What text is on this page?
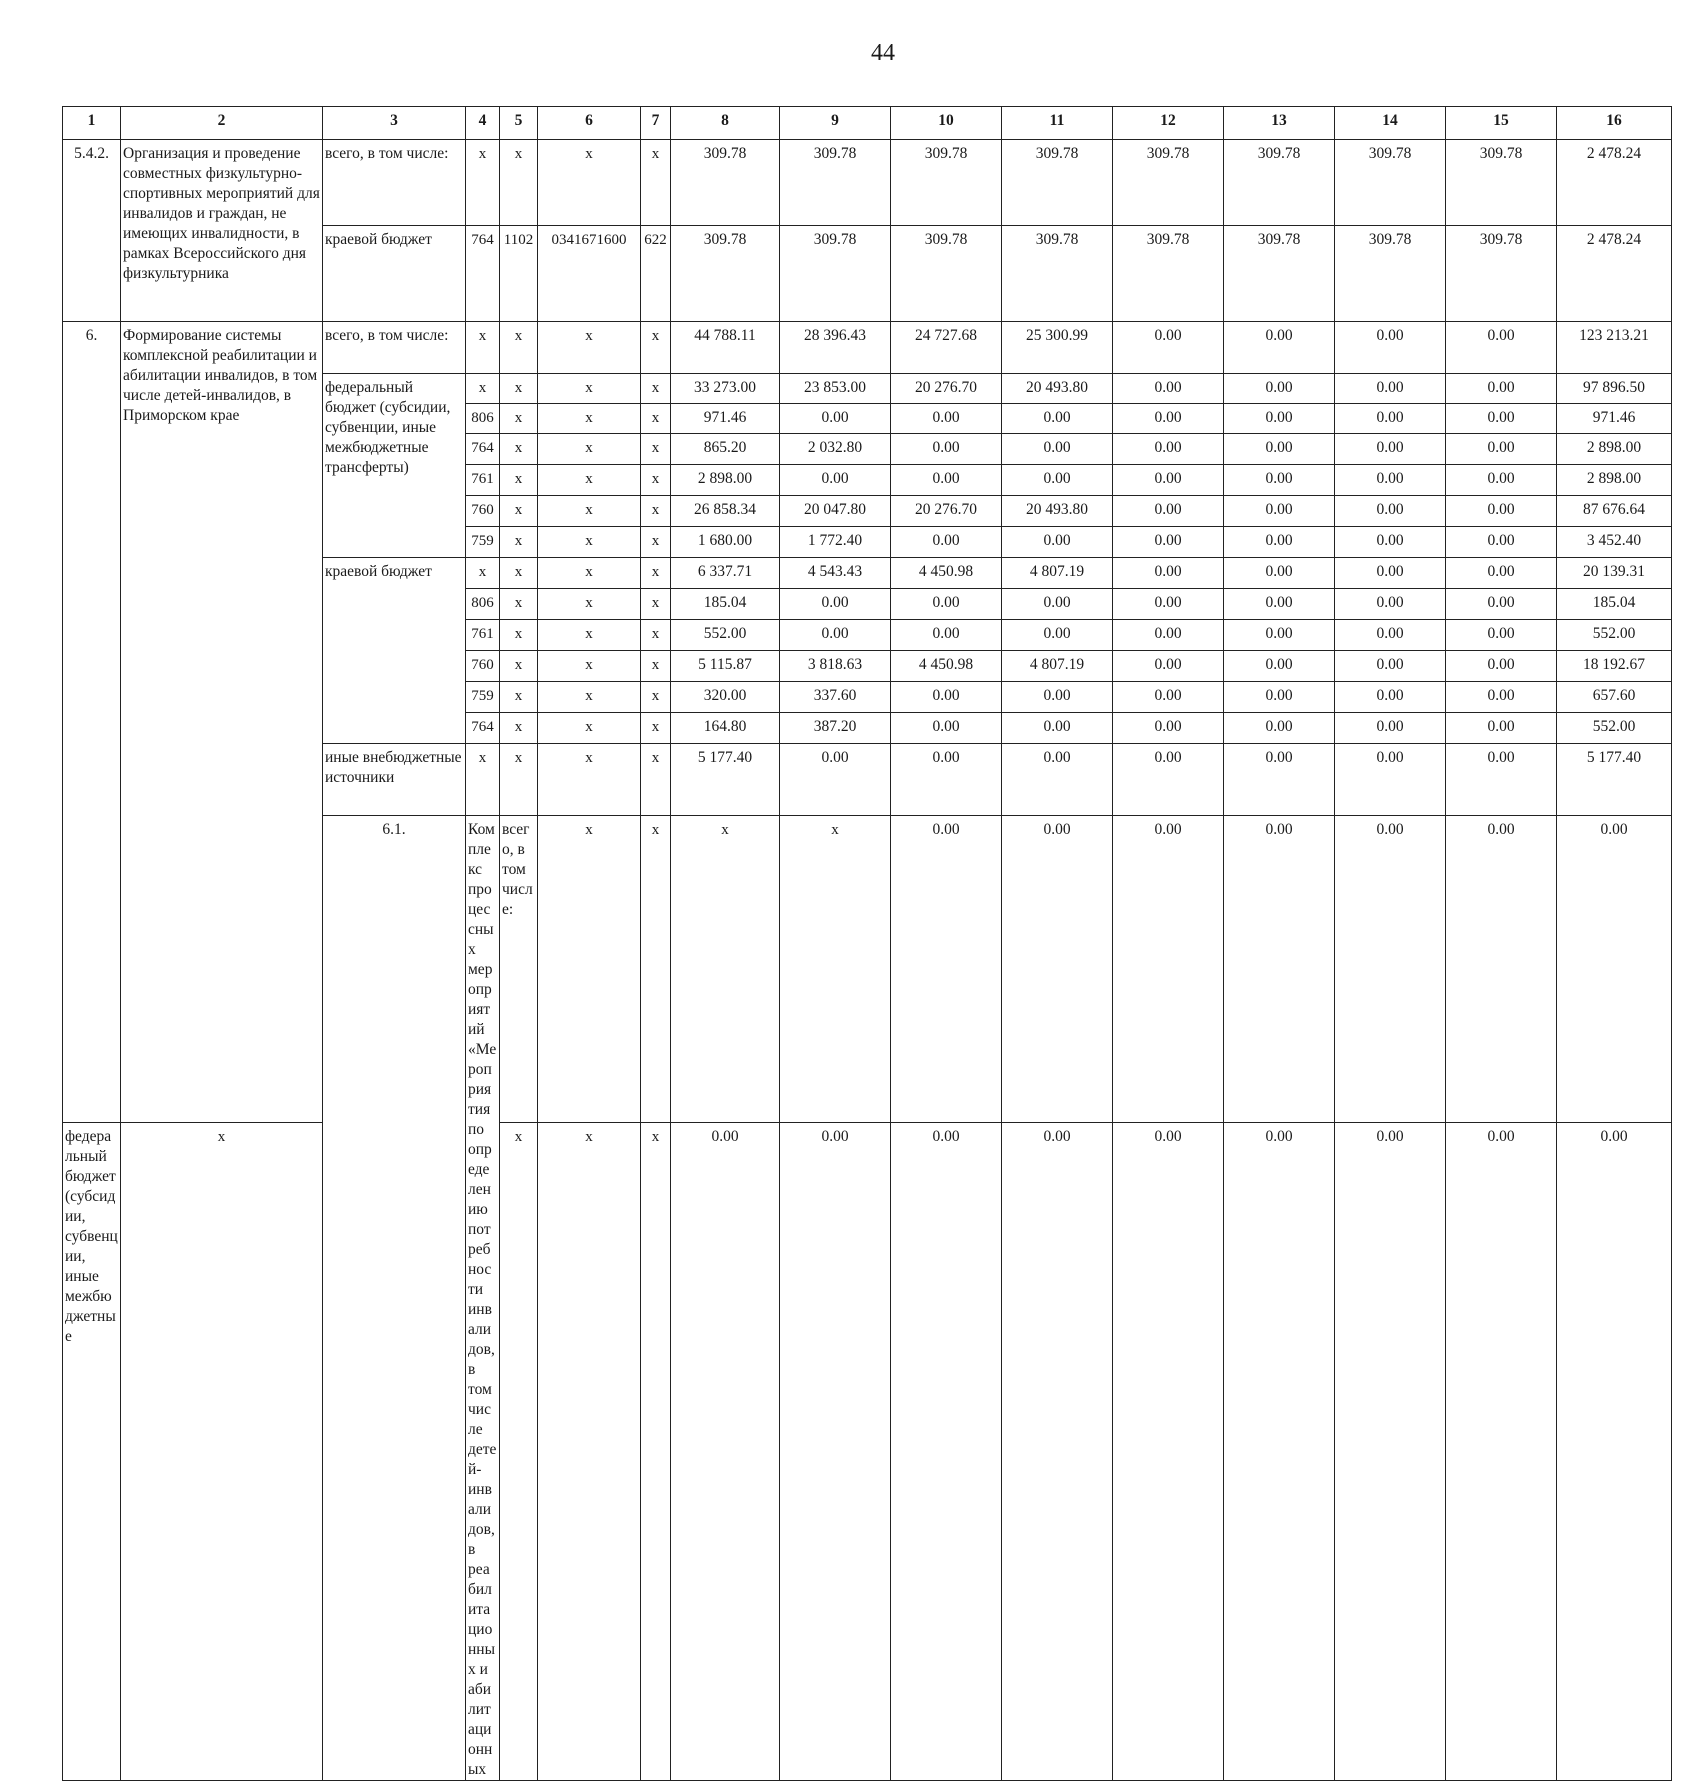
44
1	2	3	4	5	6	7	8	9	10	11	12	13	14	15	16	
5.4.2.	Организация и проведение совместных физкультурно-спортивных мероприятий для инвалидов и граждан, не имеющих инвалидности, в рамках Всероссийского дня физкультурника	всего, в том числе:	x	x	x	x	309.78	309.78	309.78	309.78	309.78	309.78	309.78	309.78	2 478.24	
		краевой бюджет	764	1102	0341671600	622	309.78	309.78	309.78	309.78	309.78	309.78	309.78	309.78	2 478.24	
6.	Формирование системы комплексной реабилитации и абилитации инвалидов, в том числе детей-инвалидов, в Приморском крае	всего, в том числе:	x	x	x	x	44 788.11	28 396.43	24 727.68	25 300.99	0.00	0.00	0.00	0.00	123 213.21	
		федеральный бюджет (субсидии, субвенции, иные межбюджетные трансферты)	x	x	x	x	33 273.00	23 853.00	20 276.70	20 493.80	0.00	0.00	0.00	0.00	97 896.50	
			806	x	x	x	971.46	0.00	0.00	0.00	0.00	0.00	0.00	0.00	971.46	
			764	x	x	x	865.20	2 032.80	0.00	0.00	0.00	0.00	0.00	0.00	2 898.00	
			761	x	x	x	2 898.00	0.00	0.00	0.00	0.00	0.00	0.00	0.00	2 898.00	
			760	x	x	x	26 858.34	20 047.80	20 276.70	20 493.80	0.00	0.00	0.00	0.00	87 676.64	
			759	x	x	x	1 680.00	1 772.40	0.00	0.00	0.00	0.00	0.00	0.00	3 452.40	
		краевой бюджет	x	x	x	x	6 337.71	4 543.43	4 450.98	4 807.19	0.00	0.00	0.00	0.00	20 139.31	
			806	x	x	x	185.04	0.00	0.00	0.00	0.00	0.00	0.00	0.00	185.04	
			761	x	x	x	552.00	0.00	0.00	0.00	0.00	0.00	0.00	0.00	552.00	
			760	x	x	x	5 115.87	3 818.63	4 450.98	4 807.19	0.00	0.00	0.00	0.00	18 192.67	
			759	x	x	x	320.00	337.60	0.00	0.00	0.00	0.00	0.00	0.00	657.60	
			764	x	x	x	164.80	387.20	0.00	0.00	0.00	0.00	0.00	0.00	552.00	
		иные внебюджетные источники	x	x	x	x	5 177.40	0.00	0.00	0.00	0.00	0.00	0.00	0.00	5 177.40	
		6.1.	Комплекс процессных мероприятий «Мероприятия по определению потребности инвалидов, в том числе детей-инвалидов, в реабилитационных и абилитационных	всего, в том числе:	x	x	x	x	0.00	0.00	0.00	0.00	0.00	0.00	0.00		
федеральный бюджет (субсидии, субвенции, иные межбюджетные	x			x	x	x	0.00	0.00	0.00	0.00	0.00	0.00	0.00	0.00	0.00	
